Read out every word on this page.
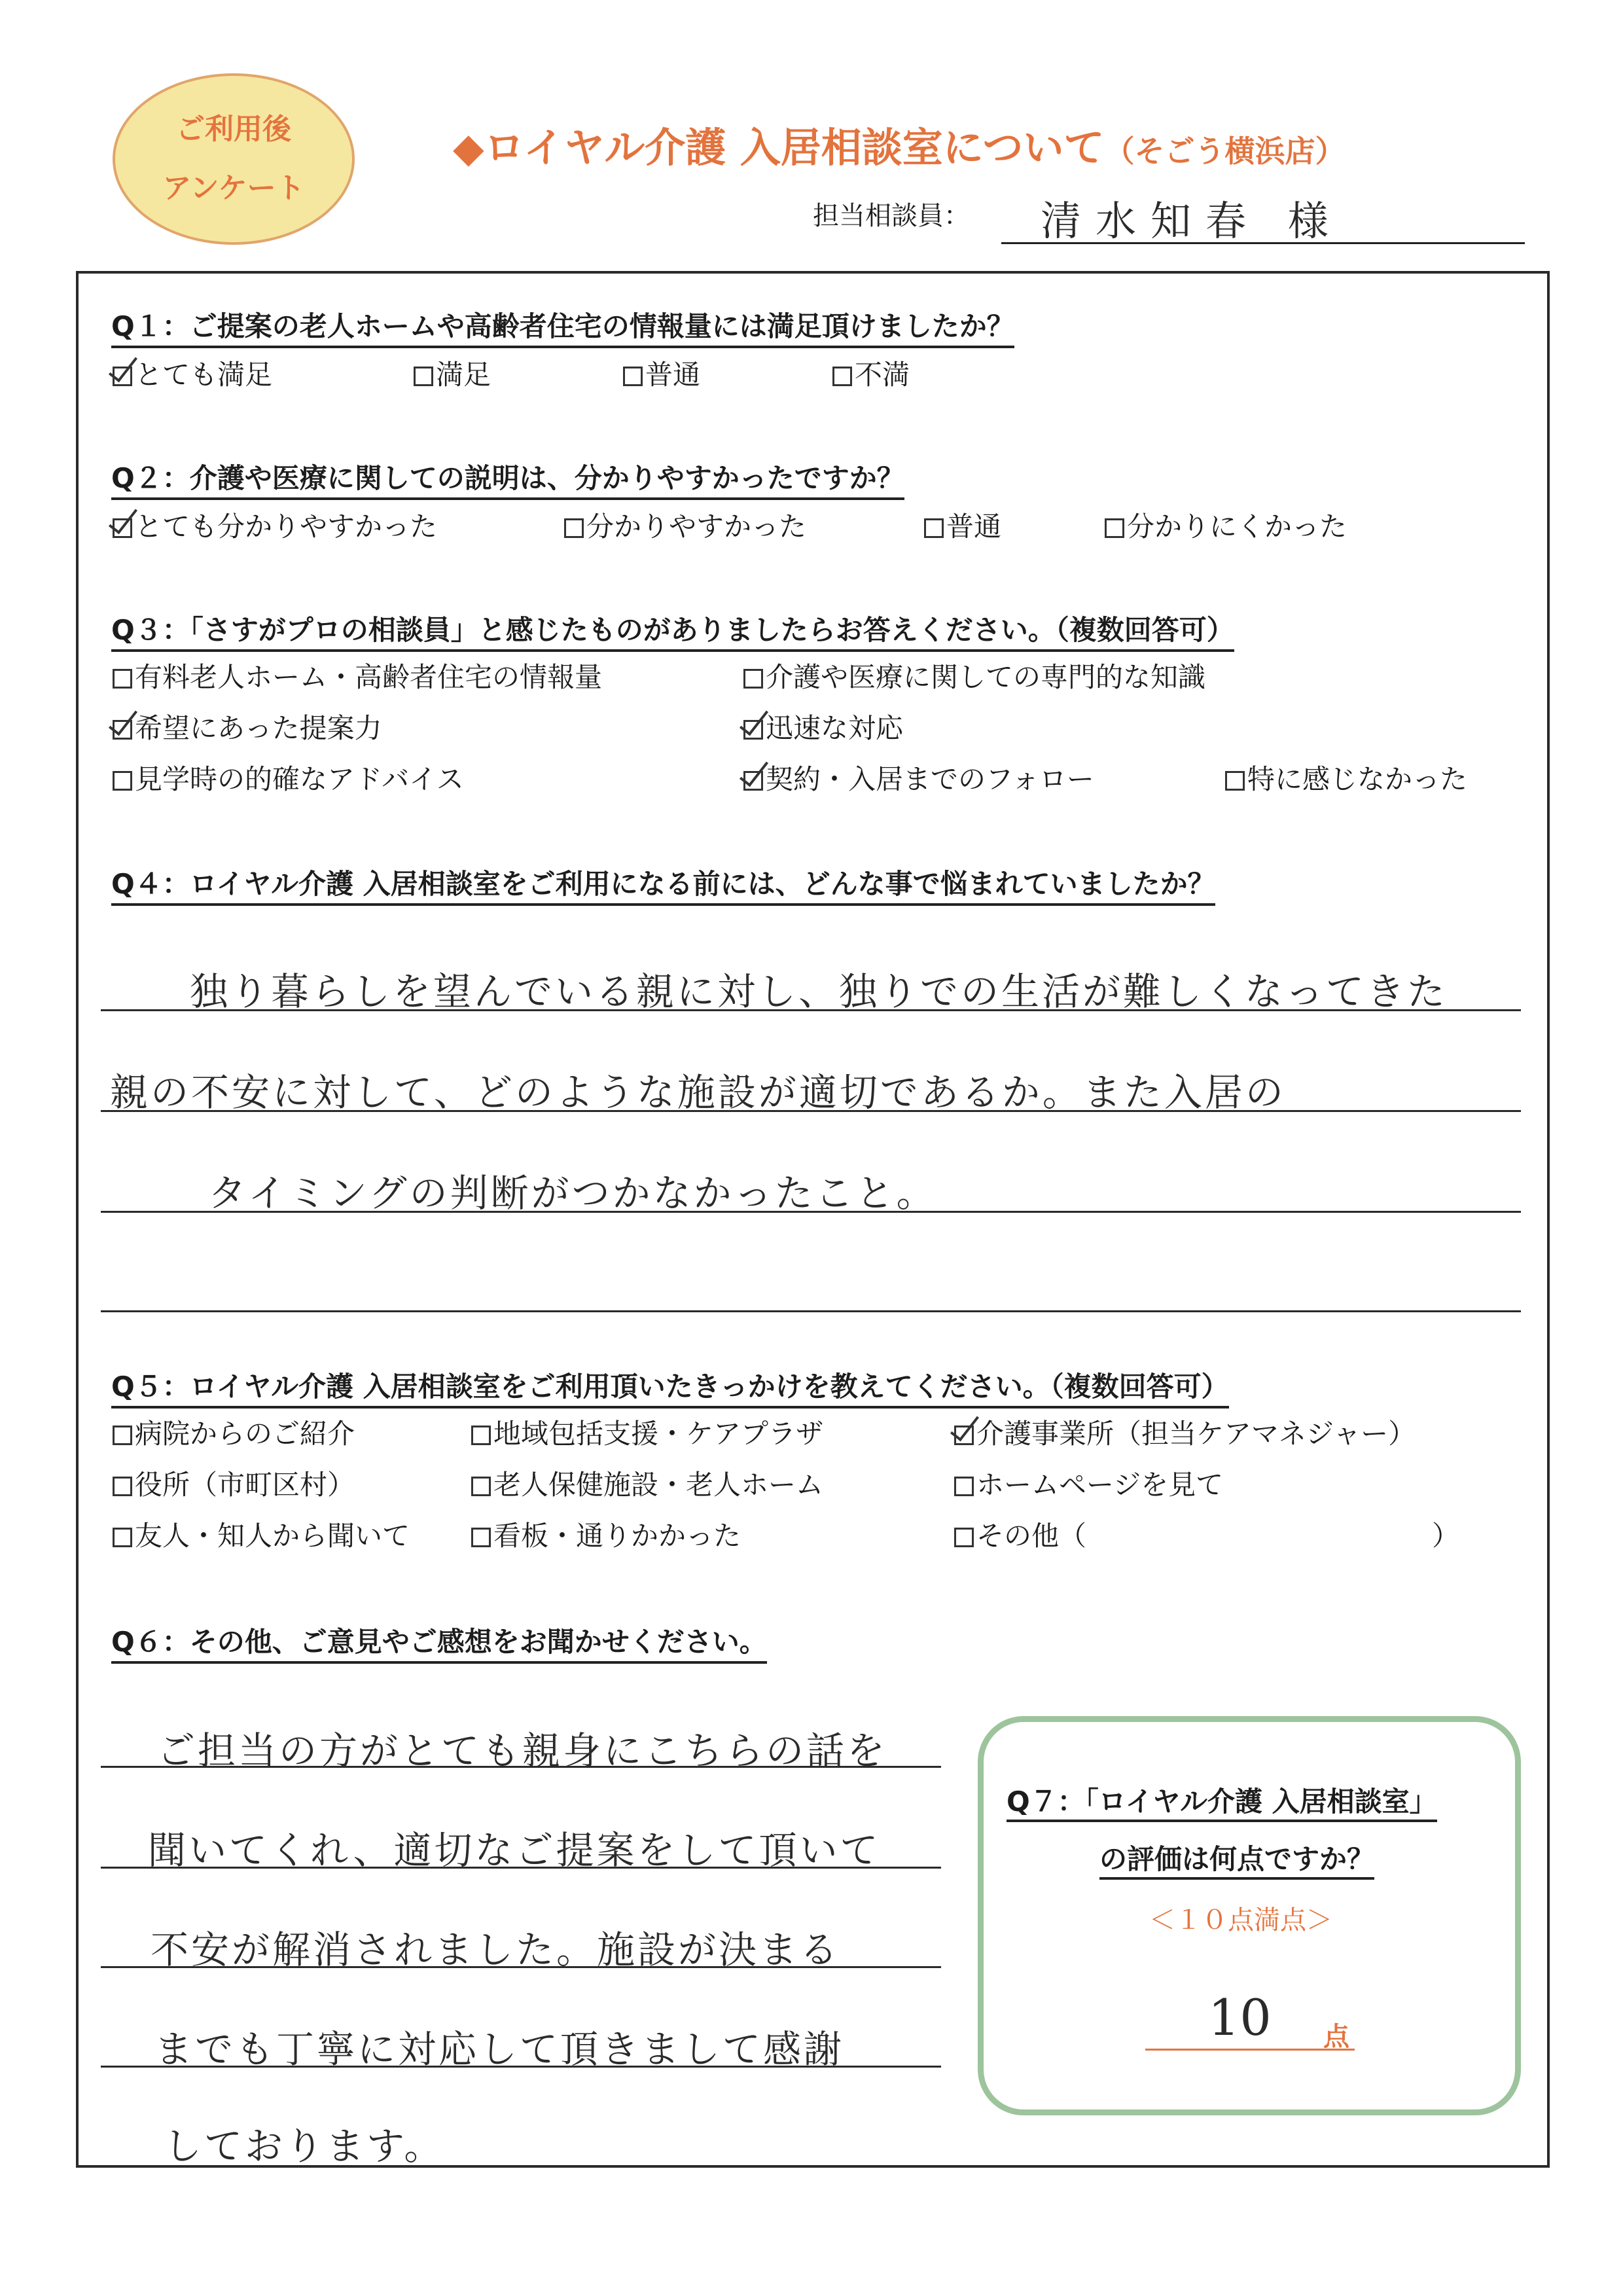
ご利用後
アンケート
◆ロイヤル介護 入居相談室について（そごう横浜店）
担当相談員： 清水知春 様
Q１：ご提案の老人ホームや高齢者住宅の情報量には満足頂けましたか？
とても満足	満足	普通	不満
Q２：介護や医療に関しての説明は、分かりやすかったですか？
とても分かりやすかった	分かりやすかった	普通	分かりにくかった
Q３：「さすがプロの相談員」と感じたものがありましたらお答えください。（複数回答可）
有料老人ホーム・高齢者住宅の情報量	介護や医療に関しての専門的な知識
希望にあった提案力	迅速な対応
見学時の的確なアドバイス	契約・入居までのフォロー	特に感じなかった
Q４：ロイヤル介護 入居相談室をご利用になる前には、どんな事で悩まれていましたか？
独り暮らしを望んでいる親に対し、独りでの生活が難しくなってきた
親の不安に対して、どのような施設が適切であるか。また入居の
タイミングの判断がつかなかったこと。
Q５：ロイヤル介護 入居相談室をご利用頂いたきっかけを教えてください。（複数回答可）
病院からのご紹介	地域包括支援・ケアプラザ	介護事業所（担当ケアマネジャー）
役所（市町区村）	老人保健施設・老人ホーム	ホームページを見て
友人・知人から聞いて	看板・通りかかった	その他（	）
Q６：その他、ご意見やご感想をお聞かせください。
ご担当の方がとても親身にこちらの話を
聞いてくれ、適切なご提案をして頂いて
不安が解消されました。施設が決まる
までも丁寧に対応して頂きまして感謝
しております。
Q７：「ロイヤル介護 入居相談室」
の評価は何点ですか？
＜１０点満点＞
10 点
